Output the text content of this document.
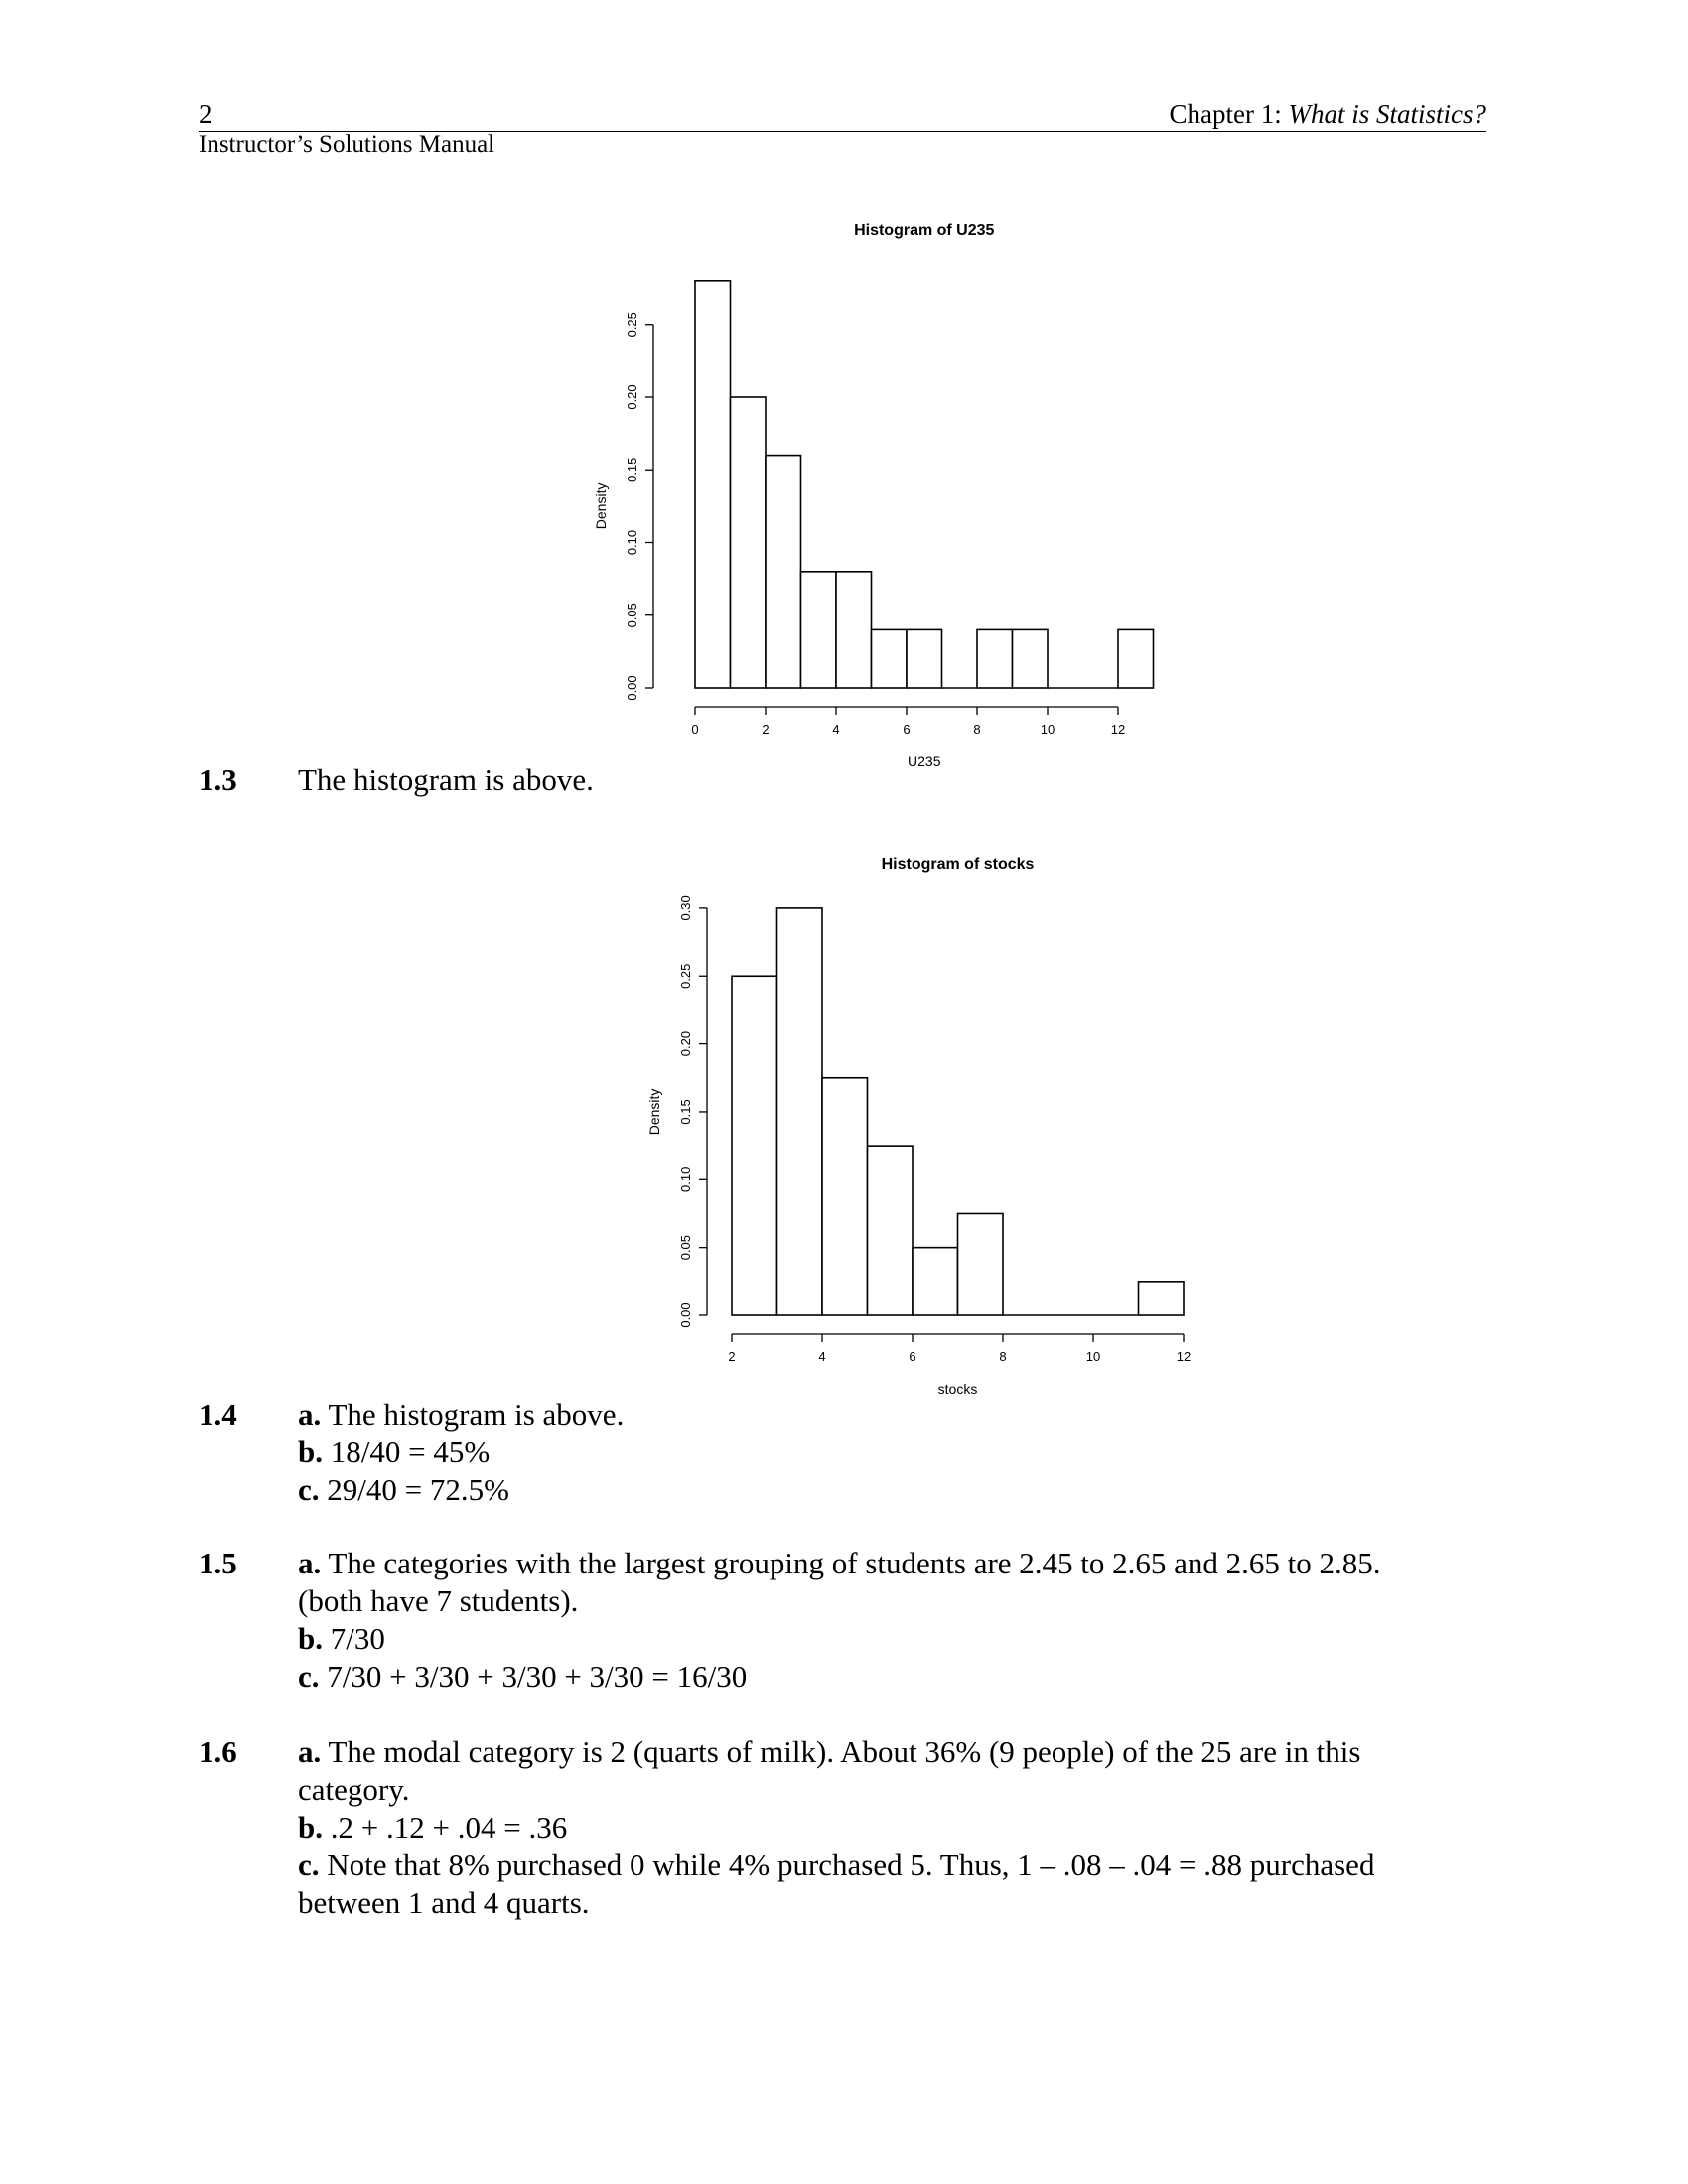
2	Chapter 1: What is Statistics?
Instructor’s Solutions Manual
Histogram of U235
0	2	4	6	8	10	12
U235
0.00
0.05
0.10
0.15
0.20
0.25
Density
1.3	The histogram is above.
Histogram of stocks
2	4	6	8	10	12
stocks
0.00
0.05
0.10
0.15
0.20
0.25
0.30
Density
1.4	a. The histogram is above.
b. 18/40 = 45%
c. 29/40 = 72.5%
1.5	a. The categories with the largest grouping of students are 2.45 to 2.65 and 2.65 to 2.85.
(both have 7 students).
b. 7/30
c. 7/30 + 3/30 + 3/30 + 3/30 = 16/30
1.6	a. The modal category is 2 (quarts of milk). About 36% (9 people) of the 25 are in this
category.
b. .2 + .12 + .04 = .36
c. Note that 8% purchased 0 while 4% purchased 5. Thus, 1 – .08 – .04 = .88 purchased
between 1 and 4 quarts.
